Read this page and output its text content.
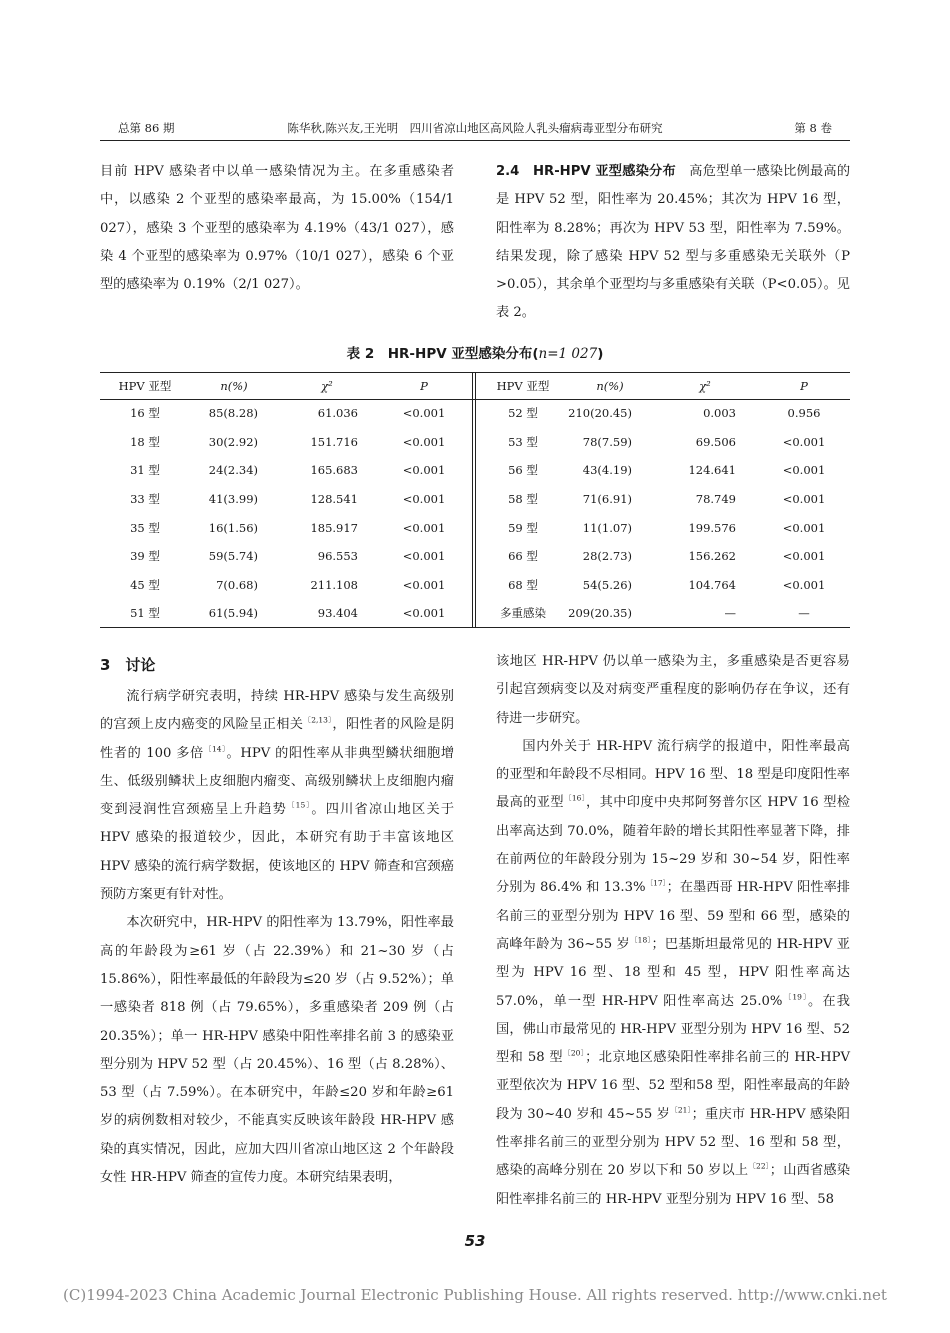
总第 86 期	陈华秋,陈兴友,王光明　四川省凉山地区高风险人乳头瘤病毒亚型分布研究	第 8 卷

目前 HPV 感染者中以单一感染情况为主。在多重感染者中，以感染 2 个亚型的感染率最高，为 15.00%（154/1 027），感染 3 个亚型的感染率为 4.19%（43/1 027），感染 4 个亚型的感染率为 0.97%（10/1 027），感染 6 个亚型的感染率为 0.19%（2/1 027）。

2.4　HR-HPV 亚型感染分布　高危型单一感染比例最高的是 HPV 52 型，阳性率为 20.45%；其次为 HPV 16 型，阳性率为 8.28%；再次为 HPV 53 型，阳性率为 7.59%。结果发现，除了感染 HPV 52 型与多重感染无关联外（P >0.05），其余单个亚型均与多重感染有关联（P<0.05）。见表 2。

表 2　HR-HPV 亚型感染分布(n=1 027)
HPV 亚型	n(%)	χ²	P
16 型	85(8.28)	61.036	<0.001
18 型	30(2.92)	151.716	<0.001
31 型	24(2.34)	165.683	<0.001
33 型	41(3.99)	128.541	<0.001
35 型	16(1.56)	185.917	<0.001
39 型	59(5.74)	96.553	<0.001
45 型	7(0.68)	211.108	<0.001
51 型	61(5.94)	93.404	<0.001
HPV 亚型	n(%)	χ²	P
52 型	210(20.45)	0.003	0.956
53 型	78(7.59)	69.506	<0.001
56 型	43(4.19)	124.641	<0.001
58 型	71(6.91)	78.749	<0.001
59 型	11(1.07)	199.576	<0.001
66 型	28(2.73)	156.262	<0.001
68 型	54(5.26)	104.764	<0.001
多重感染	209(20.35)	—	—

3　讨论

流行病学研究表明，持续 HR-HPV 感染与发生高级别的宫颈上皮内癌变的风险呈正相关$^{〔2,13〕}$，阳性者的风险是阴性者的 100 多倍$^{〔14〕}$。HPV 的阳性率从非典型鳞状细胞增生、低级别鳞状上皮细胞内瘤变、高级别鳞状上皮细胞内瘤变到浸润性宫颈癌呈上升趋势$^{〔15〕}$。四川省凉山地区关于 HPV 感染的报道较少，因此，本研究有助于丰富该地区 HPV 感染的流行病学数据，使该地区的 HPV 筛查和宫颈癌预防方案更有针对性。

本次研究中，HR-HPV 的阳性率为 13.79%，阳性率最高的年龄段为≥61 岁（占 22.39%）和 21~30 岁（占 15.86%），阳性率最低的年龄段为≤20 岁（占 9.52%）；单一感染者 818 例（占 79.65%），多重感染者 209 例（占 20.35%）；单一 HR-HPV 感染中阳性率排名前 3 的感染亚型分别为 HPV 52 型（占 20.45%）、16 型（占 8.28%）、53 型（占 7.59%）。在本研究中，年龄≤20 岁和年龄≥61 岁的病例数相对较少，不能真实反映该年龄段 HR-HPV 感染的真实情况，因此，应加大四川省凉山地区这 2 个年龄段女性 HR-HPV 筛查的宣传力度。本研究结果表明，

该地区 HR-HPV 仍以单一感染为主，多重感染是否更容易引起宫颈病变以及对病变严重程度的影响仍存在争议，还有待进一步研究。

国内外关于 HR-HPV 流行病学的报道中，阳性率最高的亚型和年龄段不尽相同。HPV 16 型、18 型是印度阳性率最高的亚型$^{〔16〕}$，其中印度中央邦阿努普尔区 HPV 16 型检出率高达到 70.0%，随着年龄的增长其阳性率显著下降，排在前两位的年龄段分别为 15~29 岁和 30~54 岁，阳性率分别为 86.4% 和 13.3%$^{〔17〕}$；在墨西哥 HR-HPV 阳性率排名前三的亚型分别为 HPV 16 型、59 型和 66 型，感染的高峰年龄为 36~55 岁$^{〔18〕}$；巴基斯坦最常见的 HR-HPV 亚型为 HPV 16 型、18 型和 45 型，HPV 阳性率高达 57.0%，单一型 HR-HPV 阳性率高达 25.0%$^{〔19〕}$。在我国，佛山市最常见的 HR-HPV 亚型分别为 HPV 16 型、52 型和 58 型$^{〔20〕}$；北京地区感染阳性率排名前三的 HR-HPV 亚型依次为 HPV 16 型、52 型和58 型，阳性率最高的年龄段为 30~40 岁和 45~55 岁$^{〔21〕}$；重庆市 HR-HPV 感染阳性率排名前三的亚型分别为 HPV 52 型、16 型和 58 型，感染的高峰分别在 20 岁以下和 50 岁以上$^{〔22〕}$；山西省感染阳性率排名前三的 HR-HPV 亚型分别为 HPV 16 型、58

53
(C)1994-2023 China Academic Journal Electronic Publishing House. All rights reserved. http://www.cnki.net
